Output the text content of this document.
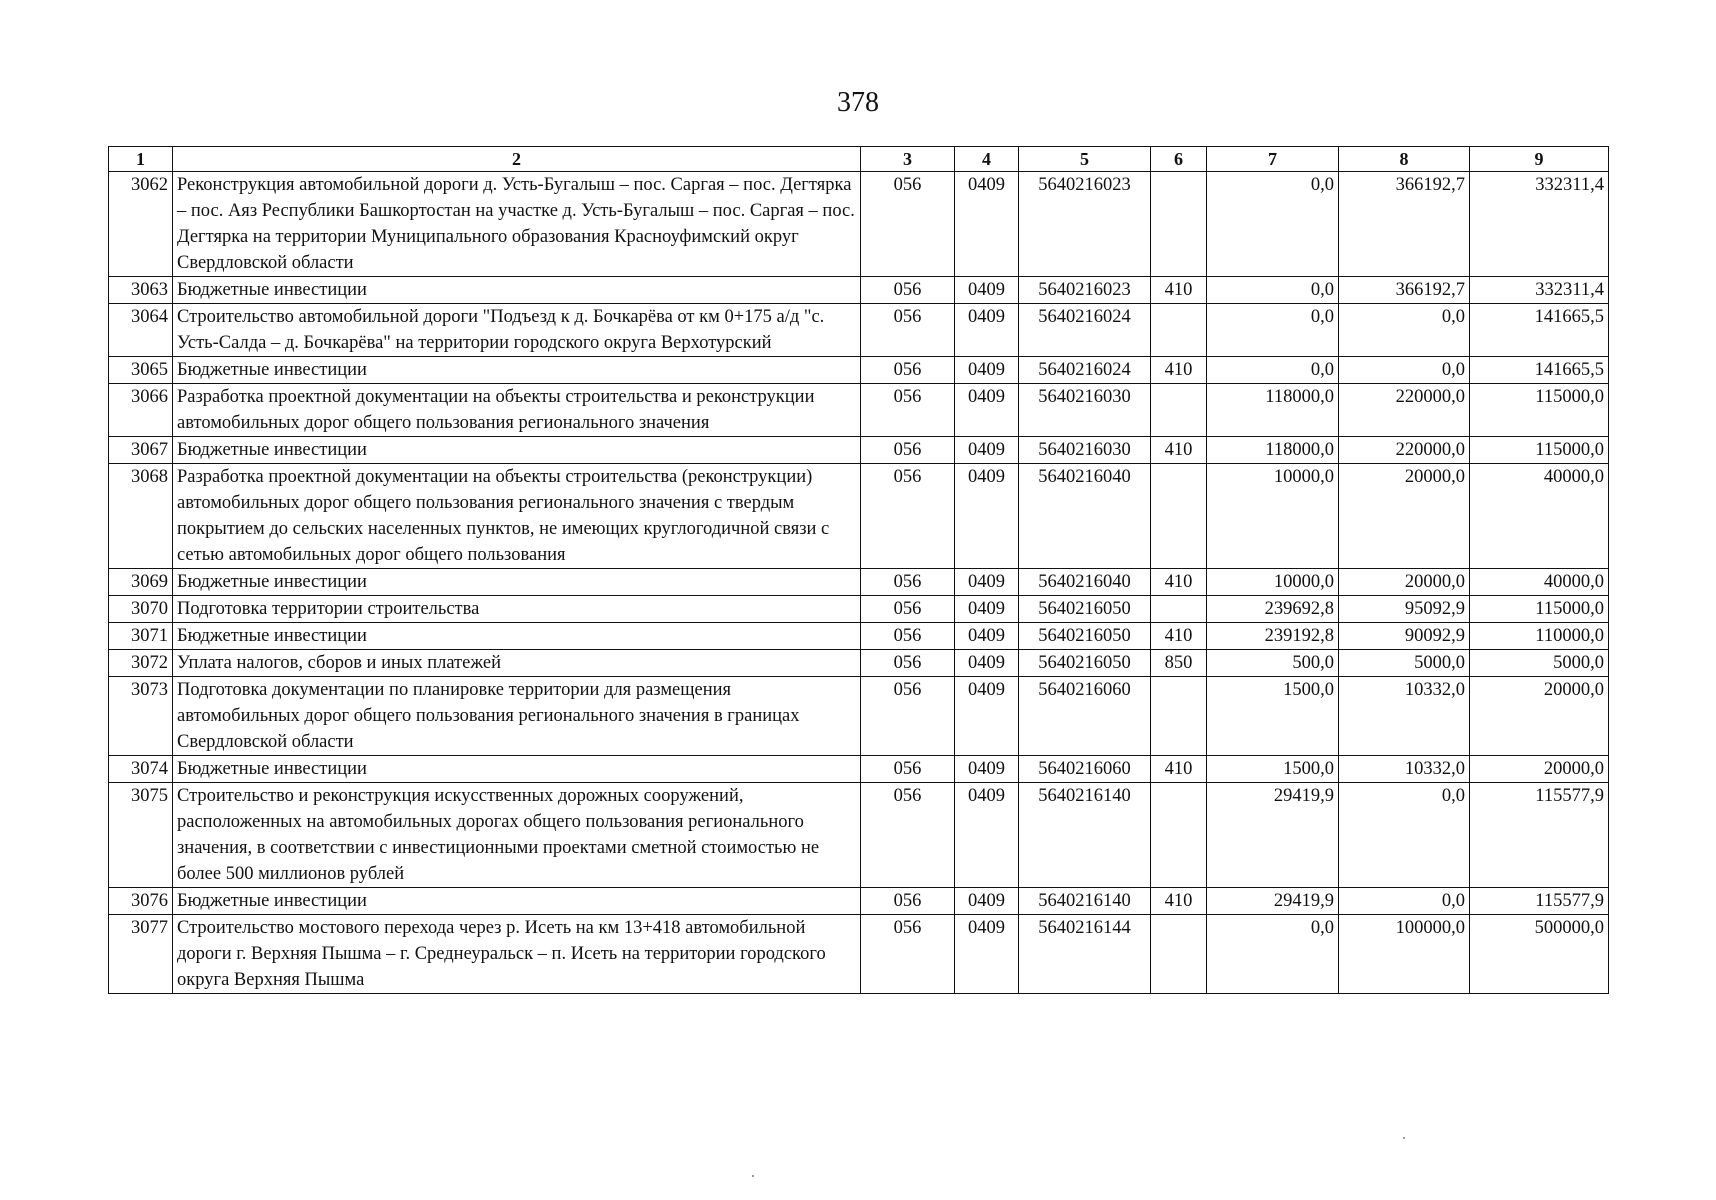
378
1	2	3	4	5	6	7	8	9
3062	Реконструкция автомобильной дороги д. Усть-Бугалыш – пос. Саргая – пос. Дегтярка – пос. Аяз Республики Башкортостан на участке д. Усть-Бугалыш – пос. Саргая – пос. Дегтярка на территории Муниципального образования Красноуфимский округ Свердловской области	056	0409	5640216023		0,0	366192,7	332311,4
3063	Бюджетные инвестиции	056	0409	5640216023	410	0,0	366192,7	332311,4
3064	Строительство автомобильной дороги "Подъезд к д. Бочкарёва от км 0+175 а/д "с. Усть-Салда – д. Бочкарёва" на территории городского округа Верхотурский	056	0409	5640216024		0,0	0,0	141665,5
3065	Бюджетные инвестиции	056	0409	5640216024	410	0,0	0,0	141665,5
3066	Разработка проектной документации на объекты строительства и реконструкции автомобильных дорог общего пользования регионального значения	056	0409	5640216030		118000,0	220000,0	115000,0
3067	Бюджетные инвестиции	056	0409	5640216030	410	118000,0	220000,0	115000,0
3068	Разработка проектной документации на объекты строительства (реконструкции) автомобильных дорог общего пользования регионального значения с твердым покрытием до сельских населенных пунктов, не имеющих круглогодичной связи с сетью автомобильных дорог общего пользования	056	0409	5640216040		10000,0	20000,0	40000,0
3069	Бюджетные инвестиции	056	0409	5640216040	410	10000,0	20000,0	40000,0
3070	Подготовка территории строительства	056	0409	5640216050		239692,8	95092,9	115000,0
3071	Бюджетные инвестиции	056	0409	5640216050	410	239192,8	90092,9	110000,0
3072	Уплата налогов, сборов и иных платежей	056	0409	5640216050	850	500,0	5000,0	5000,0
3073	Подготовка документации по планировке территории для размещения автомобильных дорог общего пользования регионального значения в границах Свердловской области	056	0409	5640216060		1500,0	10332,0	20000,0
3074	Бюджетные инвестиции	056	0409	5640216060	410	1500,0	10332,0	20000,0
3075	Строительство и реконструкция искусственных дорожных сооружений, расположенных на автомобильных дорогах общего пользования регионального значения, в соответствии с инвестиционными проектами сметной стоимостью не более 500 миллионов рублей	056	0409	5640216140		29419,9	0,0	115577,9
3076	Бюджетные инвестиции	056	0409	5640216140	410	29419,9	0,0	115577,9
3077	Строительство мостового перехода через р. Исеть на км 13+418 автомобильной дороги г. Верхняя Пышма – г. Среднеуральск – п. Исеть на территории городского округа Верхняя Пышма	056	0409	5640216144		0,0	100000,0	500000,0
